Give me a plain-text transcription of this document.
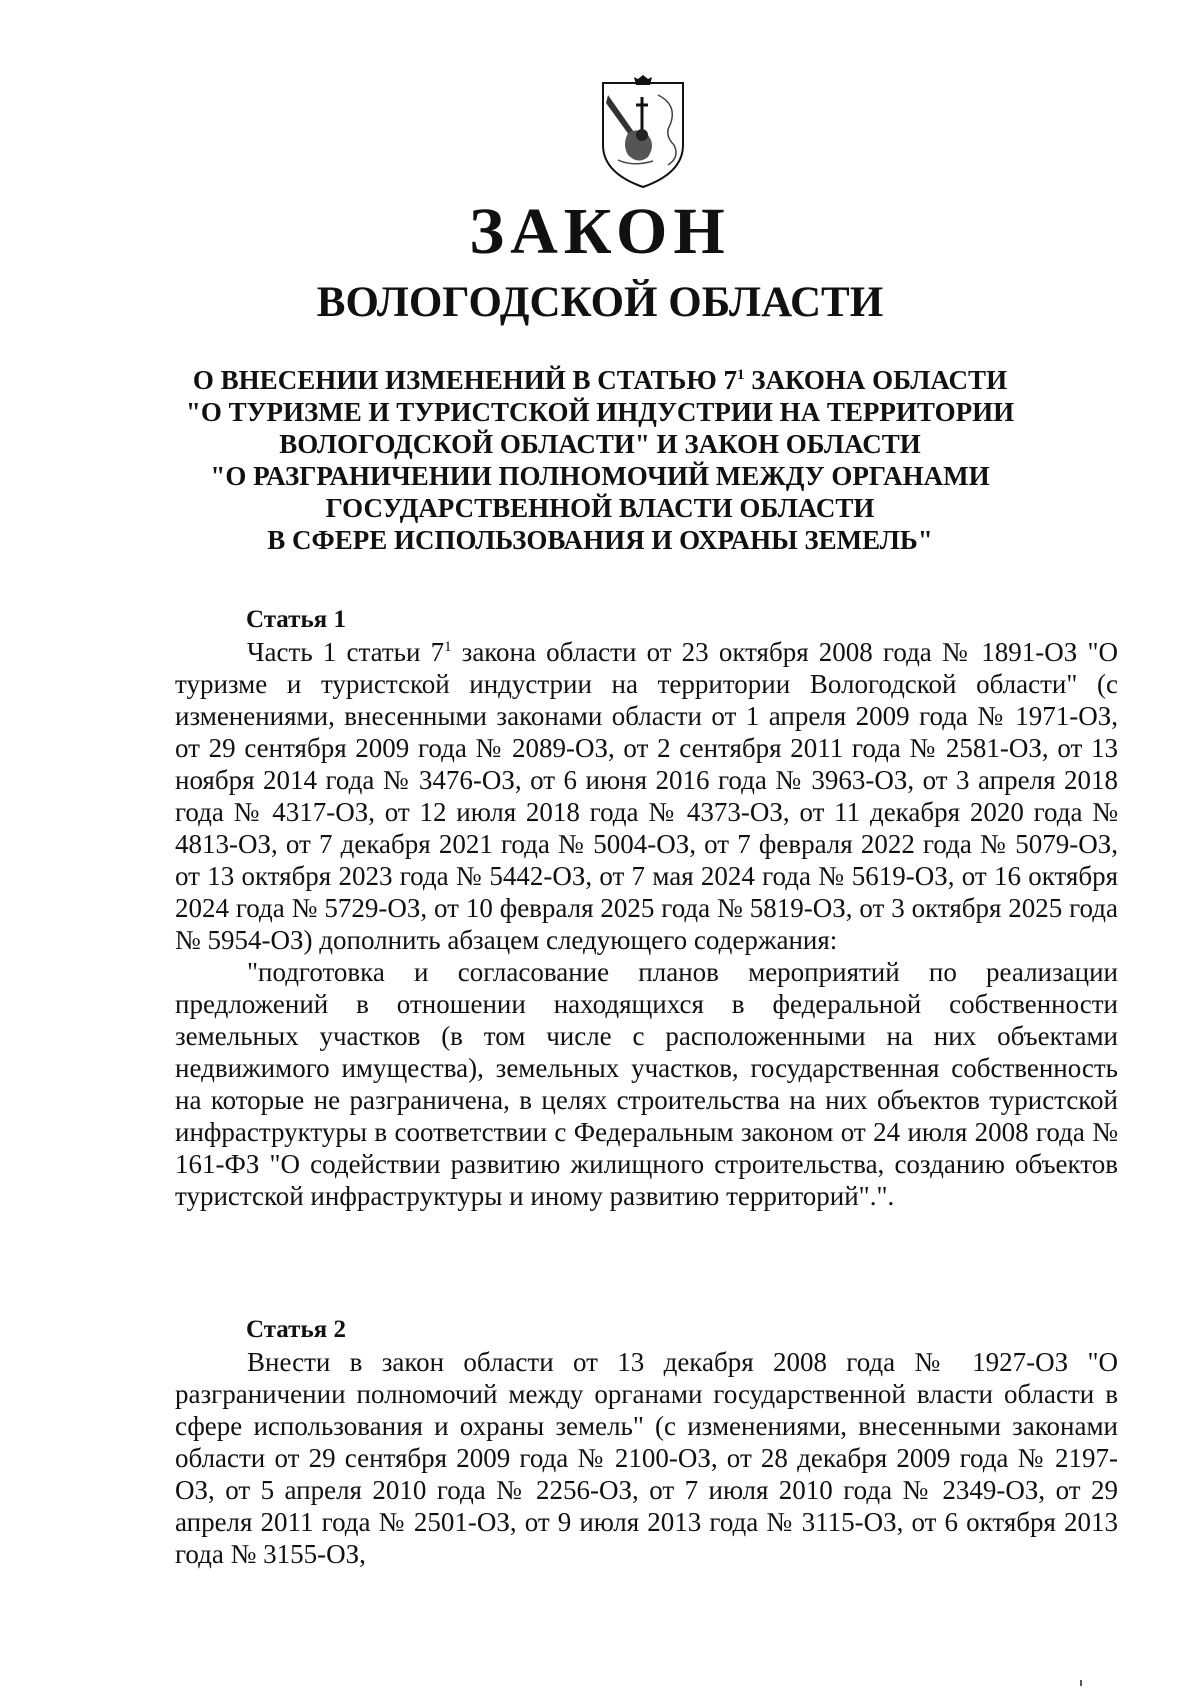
ЗАКОН
ВОЛОГОДСКОЙ ОБЛАСТИ
О ВНЕСЕНИИ ИЗМЕНЕНИЙ В СТАТЬЮ $7^1$ ЗАКОНА ОБЛАСТИ
"О ТУРИЗМЕ И ТУРИСТСКОЙ ИНДУСТРИИ НА ТЕРРИТОРИИ
ВОЛОГОДСКОЙ ОБЛАСТИ" И ЗАКОН ОБЛАСТИ
"О РАЗГРАНИЧЕНИИ ПОЛНОМОЧИЙ МЕЖДУ ОРГАНАМИ
ГОСУДАРСТВЕННОЙ ВЛАСТИ ОБЛАСТИ
В СФЕРЕ ИСПОЛЬЗОВАНИЯ И ОХРАНЫ ЗЕМЕЛЬ"
Статья 1

Часть 1 статьи $7^1$ закона области от 23 октября 2008 года № 1891-ОЗ "О туризме и туристской индустрии на территории Вологодской области" (с изменениями, внесенными законами области от 1 апреля 2009 года № 1971-ОЗ, от 29 сентября 2009 года № 2089-ОЗ, от 2 сентября 2011 года № 2581-ОЗ, от 13 ноября 2014 года № 3476-ОЗ, от 6 июня 2016 года № 3963-ОЗ, от 3 апреля 2018 года № 4317-ОЗ, от 12 июля 2018 года № 4373-ОЗ, от 11 декабря 2020 года № 4813-ОЗ, от 7 декабря 2021 года № 5004-ОЗ, от 7 февраля 2022 года № 5079-ОЗ, от 13 октября 2023 года № 5442-ОЗ, от 7 мая 2024 года № 5619-ОЗ, от 16 октября 2024 года № 5729-ОЗ, от 10 февраля 2025 года № 5819-ОЗ, от 3 октября 2025 года № 5954-ОЗ) дополнить абзацем следующего содержания:

"подготовка и согласование планов мероприятий по реализации предложений в отношении находящихся в федеральной собственности земельных участков (в том числе с расположенными на них объектами недвижимого имущества), земельных участков, государственная собственность на которые не разграничена, в целях строительства на них объектов туристской инфраструктуры в соответствии с Федеральным законом от 24 июля 2008 года № 161-ФЗ "О содействии развитию жилищного строительства, созданию объектов туристской инфраструктуры и иному развитию территорий".".

Статья 2

Внести в закон области от 13 декабря 2008 года № 1927-ОЗ "О разграничении полномочий между органами государственной власти области в сфере использования и охраны земель" (с изменениями, внесенными законами области от 29 сентября 2009 года № 2100-ОЗ, от 28 декабря 2009 года № 2197-ОЗ, от 5 апреля 2010 года № 2256-ОЗ, от 7 июля 2010 года № 2349-ОЗ, от 29 апреля 2011 года № 2501-ОЗ, от 9 июля 2013 года № 3115-ОЗ, от 6 октября 2013 года № 3155-ОЗ,
